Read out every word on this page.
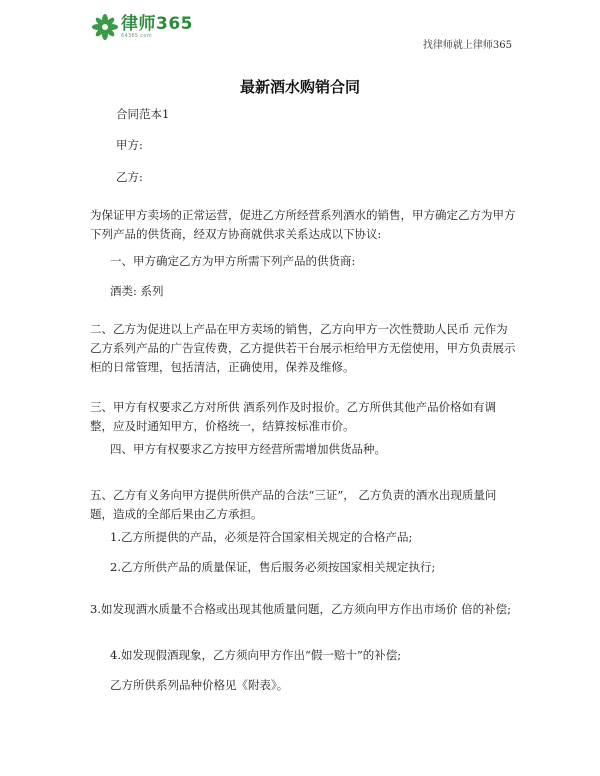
律师365
64365.com
找律师就上律师365
最新酒水购销合同

合同范本1

甲方:

乙方:

为保证甲方卖场的正常运营，促进乙方所经营系列酒水的销售，甲方确定乙方为甲方下列产品的供货商，经双方协商就供求关系达成以下协议:

一、甲方确定乙方为甲方所需下列产品的供货商:

酒类: 系列

二、乙方为促进以上产品在甲方卖场的销售，乙方向甲方一次性赞助人民币 元作为乙方系列产品的广告宣传费，乙方提供若干台展示柜给甲方无偿使用，甲方负责展示柜的日常管理，包括清洁，正确使用，保养及维修。

三、甲方有权要求乙方对所供 酒系列作及时报价。乙方所供其他产品价格如有调整，应及时通知甲方，价格统一，结算按标准市价。

四、甲方有权要求乙方按甲方经营所需增加供货品种。

五、乙方有义务向甲方提供所供产品的合法“三证”， 乙方负责的酒水出现质量问题，造成的全部后果由乙方承担。

1.乙方所提供的产品，必须是符合国家相关规定的合格产品;

2.乙方所供产品的质量保证，售后服务必须按国家相关规定执行;

3.如发现酒水质量不合格或出现其他质量问题，乙方须向甲方作出市场价 倍的补偿;

4.如发现假酒现象，乙方须向甲方作出“假一赔十”的补偿;

乙方所供系列品种价格见《附表》。
